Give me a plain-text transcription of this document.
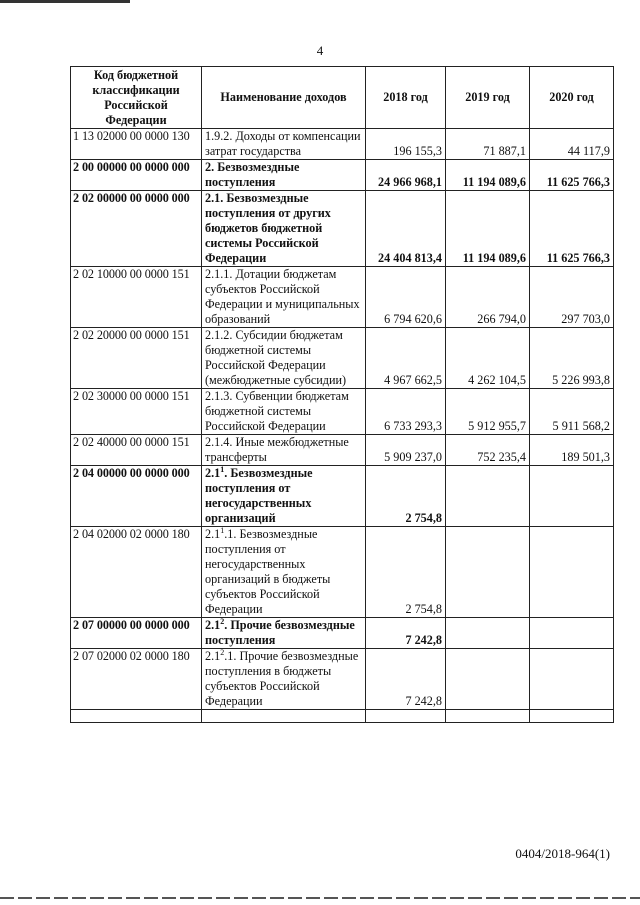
4
Код бюджетной классификации Российской Федерации	Наименование доходов	2018 год	2019 год	2020 год
1 13 02000 00 0000 130	1.9.2. Доходы от компенсации затрат государства	196 155,3	71 887,1	44 117,9
2 00 00000 00 0000 000	2. Безвозмездные поступления	24 966 968,1	11 194 089,6	11 625 766,3
2 02 00000 00 0000 000	2.1. Безвозмездные поступления от других бюджетов бюджетной системы Российской Федерации	24 404 813,4	11 194 089,6	11 625 766,3
2 02 10000 00 0000 151	2.1.1. Дотации бюджетам субъектов Российской Федерации и муниципальных образований	6 794 620,6	266 794,0	297 703,0
2 02 20000 00 0000 151	2.1.2. Субсидии бюджетам бюджетной системы Российской Федерации (межбюджетные субсидии)	4 967 662,5	4 262 104,5	5 226 993,8
2 02 30000 00 0000 151	2.1.3. Субвенции бюджетам бюджетной системы Российской Федерации	6 733 293,3	5 912 955,7	5 911 568,2
2 02 40000 00 0000 151	2.1.4. Иные межбюджетные трансферты	5 909 237,0	752 235,4	189 501,3
2 04 00000 00 0000 000	$2.1^1$. Безвозмездные поступления от негосударственных организаций	2 754,8		
2 04 02000 02 0000 180	$2.1^1.1$. Безвозмездные поступления от негосударственных организаций в бюджеты субъектов Российской Федерации	2 754,8		
2 07 00000 00 0000 000	$2.1^2$. Прочие безвозмездные поступления	7 242,8		
2 07 02000 02 0000 180	$2.1^2.1$. Прочие безвозмездные поступления в бюджеты субъектов Российской Федерации	7 242,8		

0404/2018-964(1)
